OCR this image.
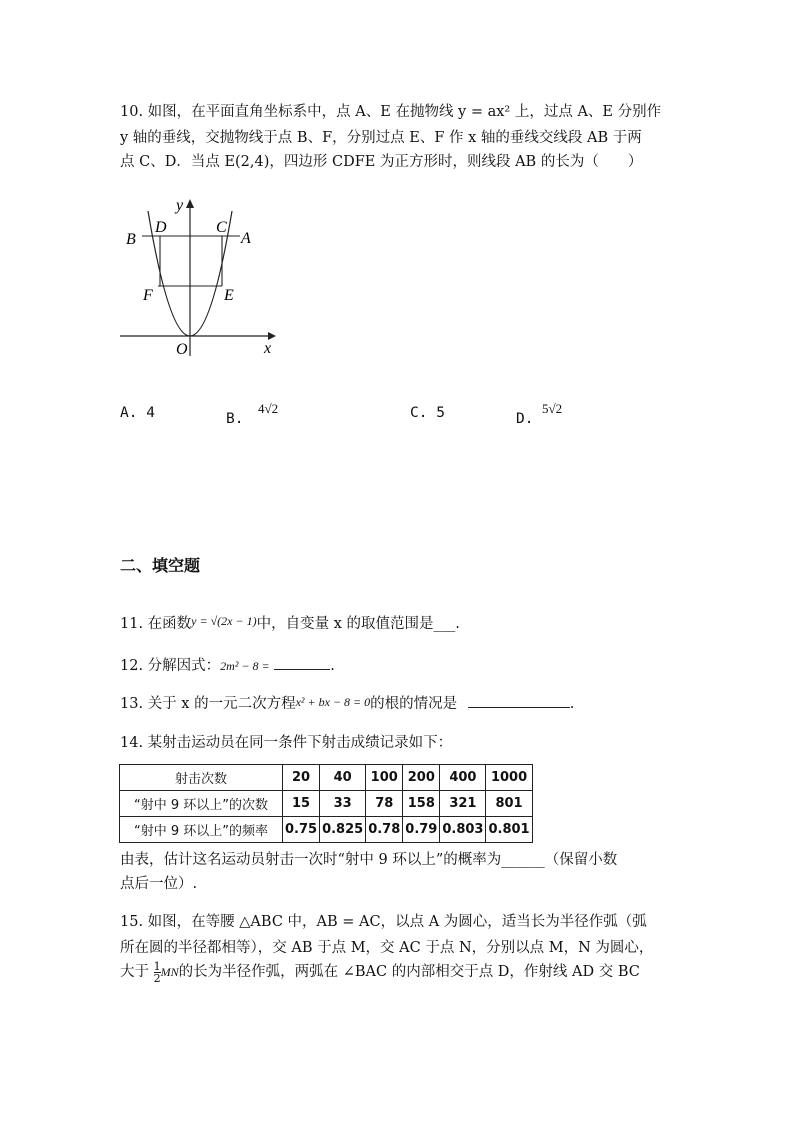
10. 如图，在平面直角坐标系中，点 A、E 在抛物线 y = ax² 上，过点 A、E 分别作
y 轴的垂线，交抛物线于点 B、F，分别过点 E、F 作 x 轴的垂线交线段 AB 于两
点 C、D．当点 E(2,4)，四边形 CDFE 为正方形时，则线段 AB 的长为（　　）
y
x
O
B
D	C
A
F	E
A. 4	B.
4√2	C. 5	D.
5√2
二、填空题
11. 在函数$^{y = √(2x - 1)}$中，自变量 x 的取值范围是___.
12. 分解因式：2m² − 8 =	.
13. 关于 x 的一元二次方程x² + bx − 8 = 0的根的情况是	.
14. 某射击运动员在同一条件下射击成绩记录如下：
射击次数	20	40	100	200	400	1000
“射中 9 环以上”的次数	15	33	78	158	321	801
“射中 9 环以上”的频率	0.75	0.825	0.78	0.79	0.803	0.801
由表，估计这名运动员射击一次时“射中 9 环以上”的概率为______（保留小数
点后一位）.
15. 如图，在等腰 △ABC 中，AB = AC，以点 A 为圆心，适当长为半径作弧（弧
所在圆的半径都相等），交 AB 于点 M，交 AC 于点 N，分别以点 M，N 为圆心，
大于 $\frac{1}{2}$ MN的长为半径作弧，两弧在 ∠BAC 的内部相交于点 D，作射线 AD 交 BC
